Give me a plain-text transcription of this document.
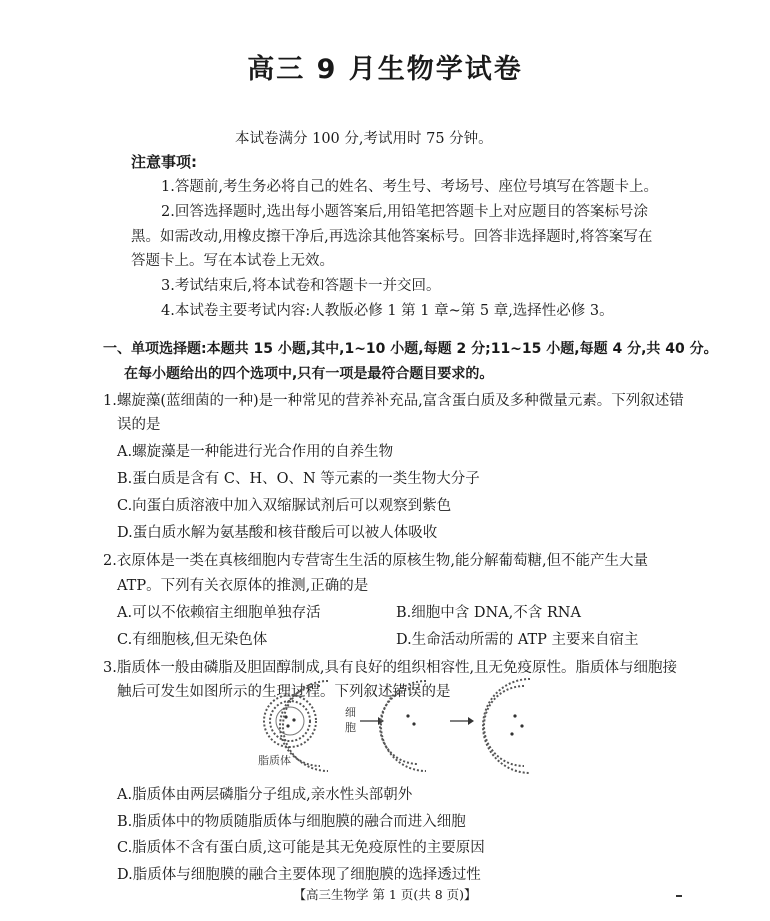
高三 9 月生物学试卷
本试卷满分 100 分,考试用时 75 分钟。
注意事项:
1.答题前,考生务必将自己的姓名、考生号、考场号、座位号填写在答题卡上。
2.回答选择题时,选出每小题答案后,用铅笔把答题卡上对应题目的答案标号涂
黑。如需改动,用橡皮擦干净后,再选涂其他答案标号。回答非选择题时,将答案写在
答题卡上。写在本试卷上无效。
3.考试结束后,将本试卷和答题卡一并交回。
4.本试卷主要考试内容:人教版必修 1 第 1 章~第 5 章,选择性必修 3。
一、单项选择题:本题共 15 小题,其中,1~10 小题,每题 2 分;11~15 小题,每题 4 分,共 40 分。
在每小题给出的四个选项中,只有一项是最符合题目要求的。
1.螺旋藻(蓝细菌的一种)是一种常见的营养补充品,富含蛋白质及多种微量元素。下列叙述错
误的是
A.螺旋藻是一种能进行光合作用的自养生物
B.蛋白质是含有 C、H、O、N 等元素的一类生物大分子
C.向蛋白质溶液中加入双缩脲试剂后可以观察到紫色
D.蛋白质水解为氨基酸和核苷酸后可以被人体吸收
2.衣原体是一类在真核细胞内专营寄生生活的原核生物,能分解葡萄糖,但不能产生大量
ATP。下列有关衣原体的推测,正确的是
A.可以不依赖宿主细胞单独存活	B.细胞中含 DNA,不含 RNA
C.有细胞核,但无染色体	D.生命活动所需的 ATP 主要来自宿主
3.脂质体一般由磷脂及胆固醇制成,具有良好的组织相容性,且无免疫原性。脂质体与细胞接
触后可发生如图所示的生理过程。下列叙述错误的是
细
胞
脂质体
A.脂质体由两层磷脂分子组成,亲水性头部朝外
B.脂质体中的物质随脂质体与细胞膜的融合而进入细胞
C.脂质体不含有蛋白质,这可能是其无免疫原性的主要原因
D.脂质体与细胞膜的融合主要体现了细胞膜的选择透过性
【高三生物学 第 1 页(共 8 页)】
